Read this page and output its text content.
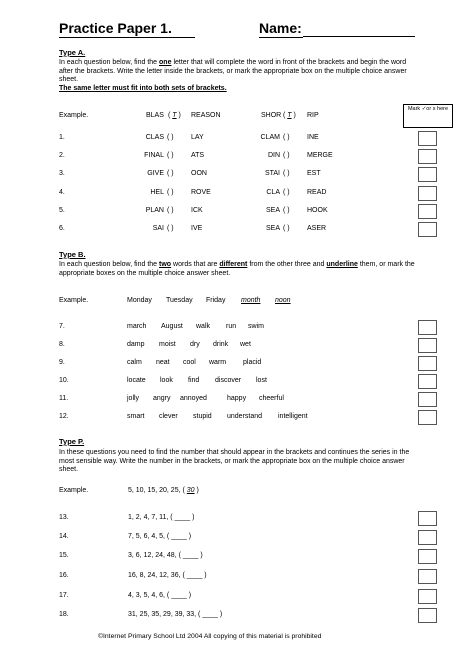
Practice Paper 1.	Name:
Type A.
In each question below, find the one letter that will complete the word in front of the brackets and begin the word after the brackets. Write the letter inside the brackets, or mark the appropriate box on the multiple choice answer sheet.
The same letter must fit into both sets of brackets.
Mark ✓or x here
Example.	BLAS ( T ) REASON	SHOR ( T ) RIP
1.	CLAS ( ) LAY	CLAM ( ) INE
2.	FINAL ( ) ATS	DIN ( ) MERGE
3.	GIVE ( ) OON	STAI ( ) EST
4.	HEL ( ) ROVE	CLA ( ) READ
5.	PLAN ( ) ICK	SEA ( ) HOOK
6.	SAI ( ) IVE	SEA ( ) ASER
Type B.
In each question below, find the two words that are different from the other three and underline them, or mark the appropriate boxes on the multiple choice answer sheet.
Example.	Monday Tuesday Friday month noon
7.	march August walk run swim
8.	damp moist dry drink wet
9.	calm neat cool warm placid
10.	locate look find discover lost
11.	jolly angry annoyed	happy cheerful
12.	smart clever stupid understand intelligent
Type P.
In these questions you need to find the number that should appear in the brackets and continues the series in the most sensible way. Write the number in the brackets, or mark the appropriate box on the multiple choice answer sheet.
Example.	5, 10, 15, 20, 25, ( 30 )
13.	1, 2, 4, 7, 11, ( ____ )
14.	7, 5, 6, 4, 5, ( ____ )
15.	3, 6, 12, 24, 48, ( ____ )
16.	16, 8, 24, 12, 36, ( ____ )
17.	4, 3, 5, 4, 6, ( ____ )
18.	31, 25, 35, 29, 39, 33, ( ____ )
©Internet Primary School Ltd 2004 All copying of this material is prohibited
